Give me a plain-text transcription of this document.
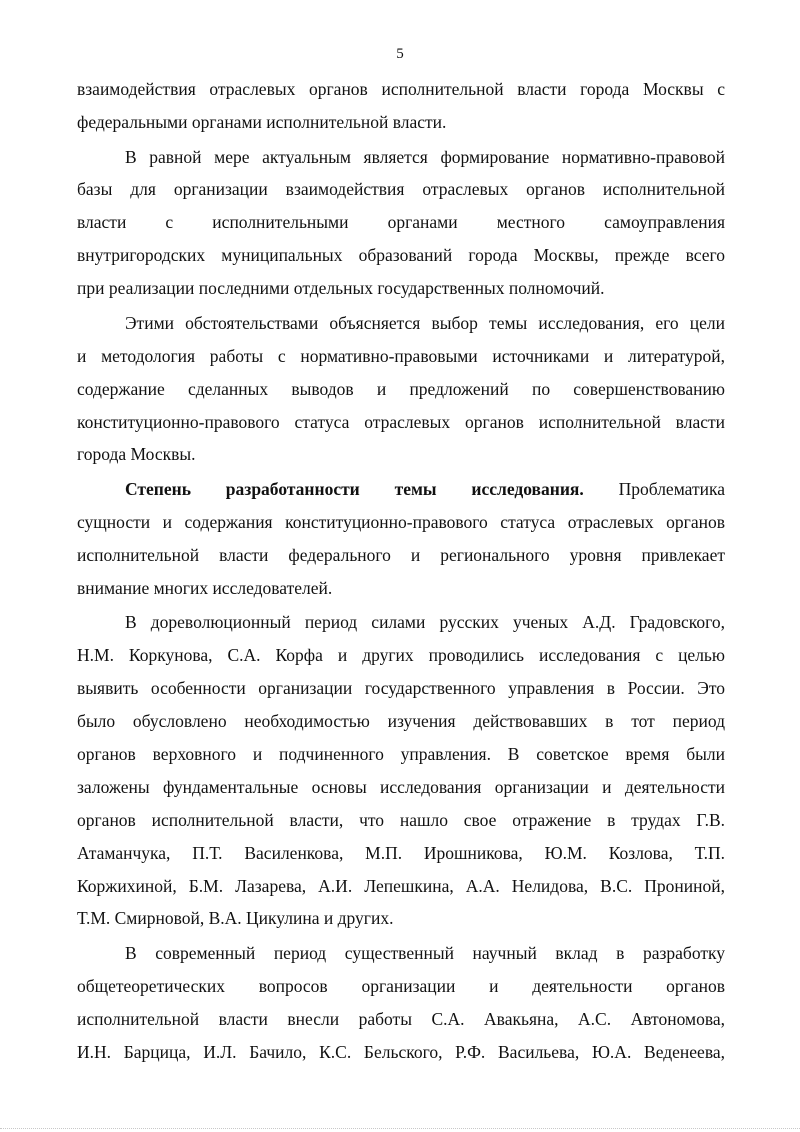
5
взаимодействия отраслевых органов исполнительной власти города Москвы с
федеральными органами исполнительной власти.
В равной мере актуальным является формирование нормативно-правовой
базы для организации взаимодействия отраслевых органов исполнительной
власти с исполнительными органами местного самоуправления
внутригородских муниципальных образований города Москвы, прежде всего
при реализации последними отдельных государственных полномочий.
Этими обстоятельствами объясняется выбор темы исследования, его цели
и методология работы с нормативно-правовыми источниками и литературой,
содержание сделанных выводов и предложений по совершенствованию
конституционно-правового статуса отраслевых органов исполнительной власти
города Москвы.
Степень разработанности темы исследования. Проблематика
сущности и содержания конституционно-правового статуса отраслевых органов
исполнительной власти федерального и регионального уровня привлекает
внимание многих исследователей.
В дореволюционный период силами русских ученых А.Д. Градовского,
Н.М. Коркунова, С.А. Корфа и других проводились исследования с целью
выявить особенности организации государственного управления в России. Это
было обусловлено необходимостью изучения действовавших в тот период
органов верховного и подчиненного управления. В советское время были
заложены фундаментальные основы исследования организации и деятельности
органов исполнительной власти, что нашло свое отражение в трудах Г.В.
Атаманчука, П.Т. Василенкова, М.П. Ирошникова, Ю.М. Козлова, Т.П.
Коржихиной, Б.М. Лазарева, А.И. Лепешкина, А.А. Нелидова, В.С. Прониной,
Т.М. Смирновой, В.А. Цикулина и других.
В современный период существенный научный вклад в разработку
общетеоретических вопросов организации и деятельности органов
исполнительной власти внесли работы С.А. Авакьяна, А.С. Автономова,
И.Н. Барцица, И.Л. Бачило, К.С. Бельского, Р.Ф. Васильева, Ю.А. Веденеева,
